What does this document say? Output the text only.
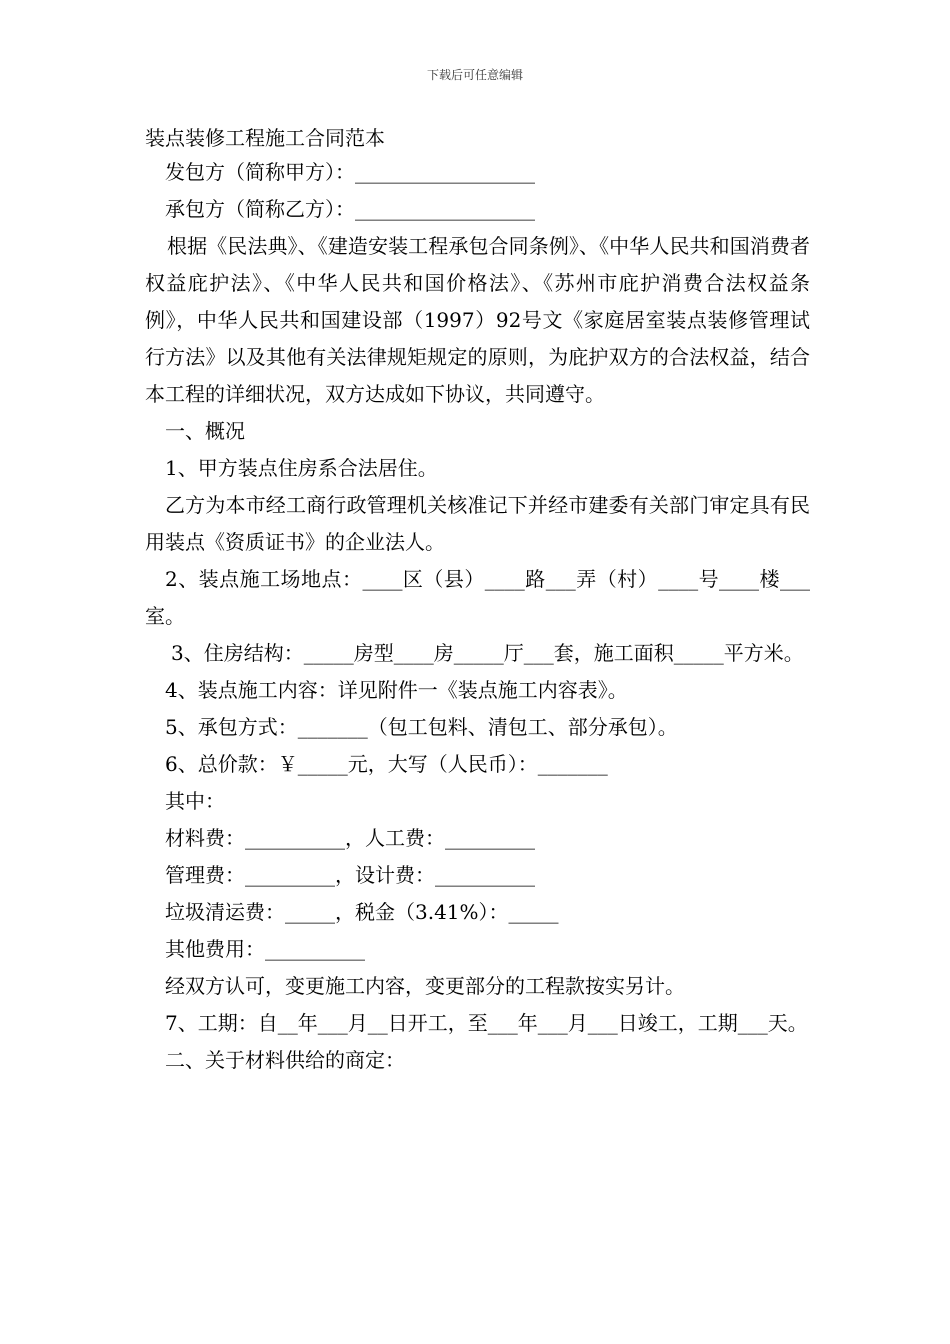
下载后可任意编辑

装点装修工程施工合同范本

发包方（简称甲方）：__________________

承包方（简称乙方）：__________________

根据《民法典》、《建造安装工程承包合同条例》、《中华人民共和国消费者权益庇护法》、《中华人民共和国价格法》、《苏州市庇护消费合法权益条例》，中华人民共和国建设部（1997）92号文《家庭居室装点装修管理试行方法》以及其他有关法律规矩规定的原则，为庇护双方的合法权益，结合本工程的详细状况，双方达成如下协议，共同遵守。

一、概况

1、甲方装点住房系合法居住。

乙方为本市经工商行政管理机关核准记下并经市建委有关部门审定具有民用装点《资质证书》的企业法人。

2、装点施工场地点：____区（县）____路___弄（村）____号____楼___室。

3、住房结构：_____房型____房_____厅___套，施工面积_____平方米。

4、装点施工内容：详见附件一《装点施工内容表》。

5、承包方式：_______（包工包料、清包工、部分承包）。

6、总价款：￥_____元，大写（人民币）：_______

其中：

材料费：__________，人工费：_________

管理费：_________，设计费：__________

垃圾清运费：_____，税金（3.41%）：_____

其他费用：__________

经双方认可，变更施工内容，变更部分的工程款按实另计。

7、工期：自__年___月__日开工，至___年___月___日竣工，工期___天。

二、关于材料供给的商定：
